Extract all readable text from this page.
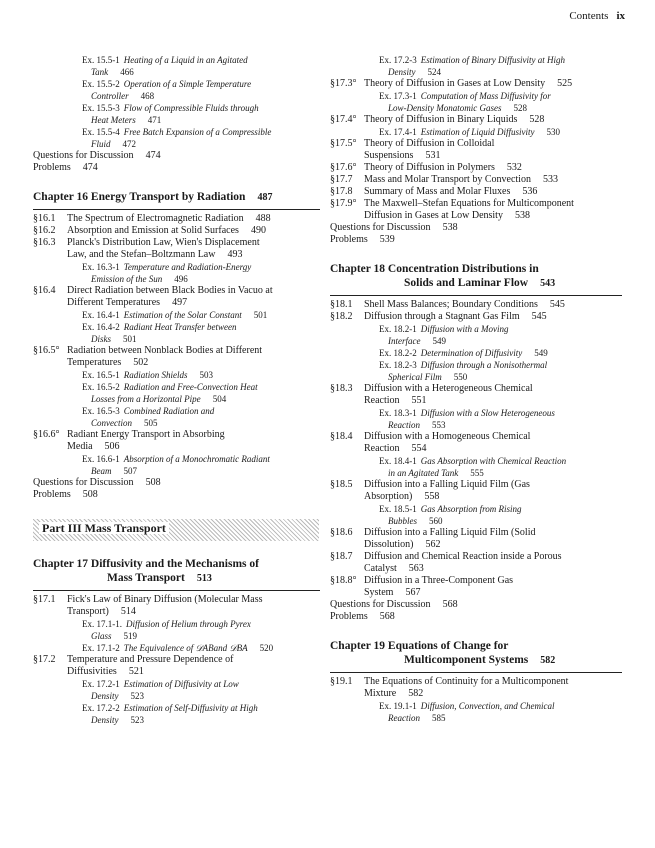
Contents ix
Ex. 15.5-1 Heating of a Liquid in an Agitated
Tank 466
Ex. 15.5-2 Operation of a Simple Temperature
Controller 468
Ex. 15.5-3 Flow of Compressible Fluids through
Heat Meters 471
Ex. 15.5-4 Free Batch Expansion of a Compressible
Fluid 472
Questions for Discussion 474
Problems 474
Chapter 16 Energy Transport by Radiation 487
§16.1 The Spectrum of Electromagnetic Radiation 488
§16.2 Absorption and Emission at Solid Surfaces 490
§16.3 Planck's Distribution Law, Wien's Displacement
Law, and the Stefan–Boltzmann Law 493
Ex. 16.3-1 Temperature and Radiation-Energy
Emission of the Sun 496
§16.4 Direct Radiation between Black Bodies in Vacuo at
Different Temperatures 497
Ex. 16.4-1 Estimation of the Solar Constant 501
Ex. 16.4-2 Radiant Heat Transfer between
Disks 501
§16.5° Radiation between Nonblack Bodies at Different
Temperatures 502
Ex. 16.5-1 Radiation Shields 503
Ex. 16.5-2 Radiation and Free-Convection Heat
Losses from a Horizontal Pipe 504
Ex. 16.5-3 Combined Radiation and
Convection 505
§16.6° Radiant Energy Transport in Absorbing
Media 506
Ex. 16.6-1 Absorption of a Monochromatic Radiant
Beam 507
Questions for Discussion 508
Problems 508
Part III Mass Transport
Chapter 17 Diffusivity and the Mechanisms of
Mass Transport 513
§17.1 Fick's Law of Binary Diffusion (Molecular Mass
Transport) 514
Ex. 17.1-1. Diffusion of Helium through Pyrex
Glass 519
Ex. 17.1-2 The Equivalence of 𝒟ABand 𝒟BA 520
§17.2 Temperature and Pressure Dependence of
Diffusivities 521
Ex. 17.2-1 Estimation of Diffusivity at Low
Density 523
Ex. 17.2-2 Estimation of Self-Diffusivity at High
Density 523
Ex. 17.2-3 Estimation of Binary Diffusivity at High
Density 524
§17.3° Theory of Diffusion in Gases at Low Density 525
Ex. 17.3-1 Computation of Mass Diffusivity for
Low-Density Monatomic Gases 528
§17.4° Theory of Diffusion in Binary Liquids 528
Ex. 17.4-1 Estimation of Liquid Diffusivity 530
§17.5° Theory of Diffusion in Colloidal
Suspensions 531
§17.6° Theory of Diffusion in Polymers 532
§17.7 Mass and Molar Transport by Convection 533
§17.8 Summary of Mass and Molar Fluxes 536
§17.9° The Maxwell–Stefan Equations for Multicomponent
Diffusion in Gases at Low Density 538
Questions for Discussion 538
Problems 539
Chapter 18 Concentration Distributions in
Solids and Laminar Flow 543
§18.1 Shell Mass Balances; Boundary Conditions 545
§18.2 Diffusion through a Stagnant Gas Film 545
Ex. 18.2-1 Diffusion with a Moving
Interface 549
Ex. 18.2-2 Determination of Diffusivity 549
Ex. 18.2-3 Diffusion through a Nonisothermal
Spherical Film 550
§18.3 Diffusion with a Heterogeneous Chemical
Reaction 551
Ex. 18.3-1 Diffusion with a Slow Heterogeneous
Reaction 553
§18.4 Diffusion with a Homogeneous Chemical
Reaction 554
Ex. 18.4-1 Gas Absorption with Chemical Reaction
in an Agitated Tank 555
§18.5 Diffusion into a Falling Liquid Film (Gas
Absorption) 558
Ex. 18.5-1 Gas Absorption from Rising
Bubbles 560
§18.6 Diffusion into a Falling Liquid Film (Solid
Dissolution) 562
§18.7 Diffusion and Chemical Reaction inside a Porous
Catalyst 563
§18.8° Diffusion in a Three-Component Gas
System 567
Questions for Discussion 568
Problems 568
Chapter 19 Equations of Change for
Multicomponent Systems 582
§19.1 The Equations of Continuity for a Multicomponent
Mixture 582
Ex. 19.1-1 Diffusion, Convection, and Chemical
Reaction 585
